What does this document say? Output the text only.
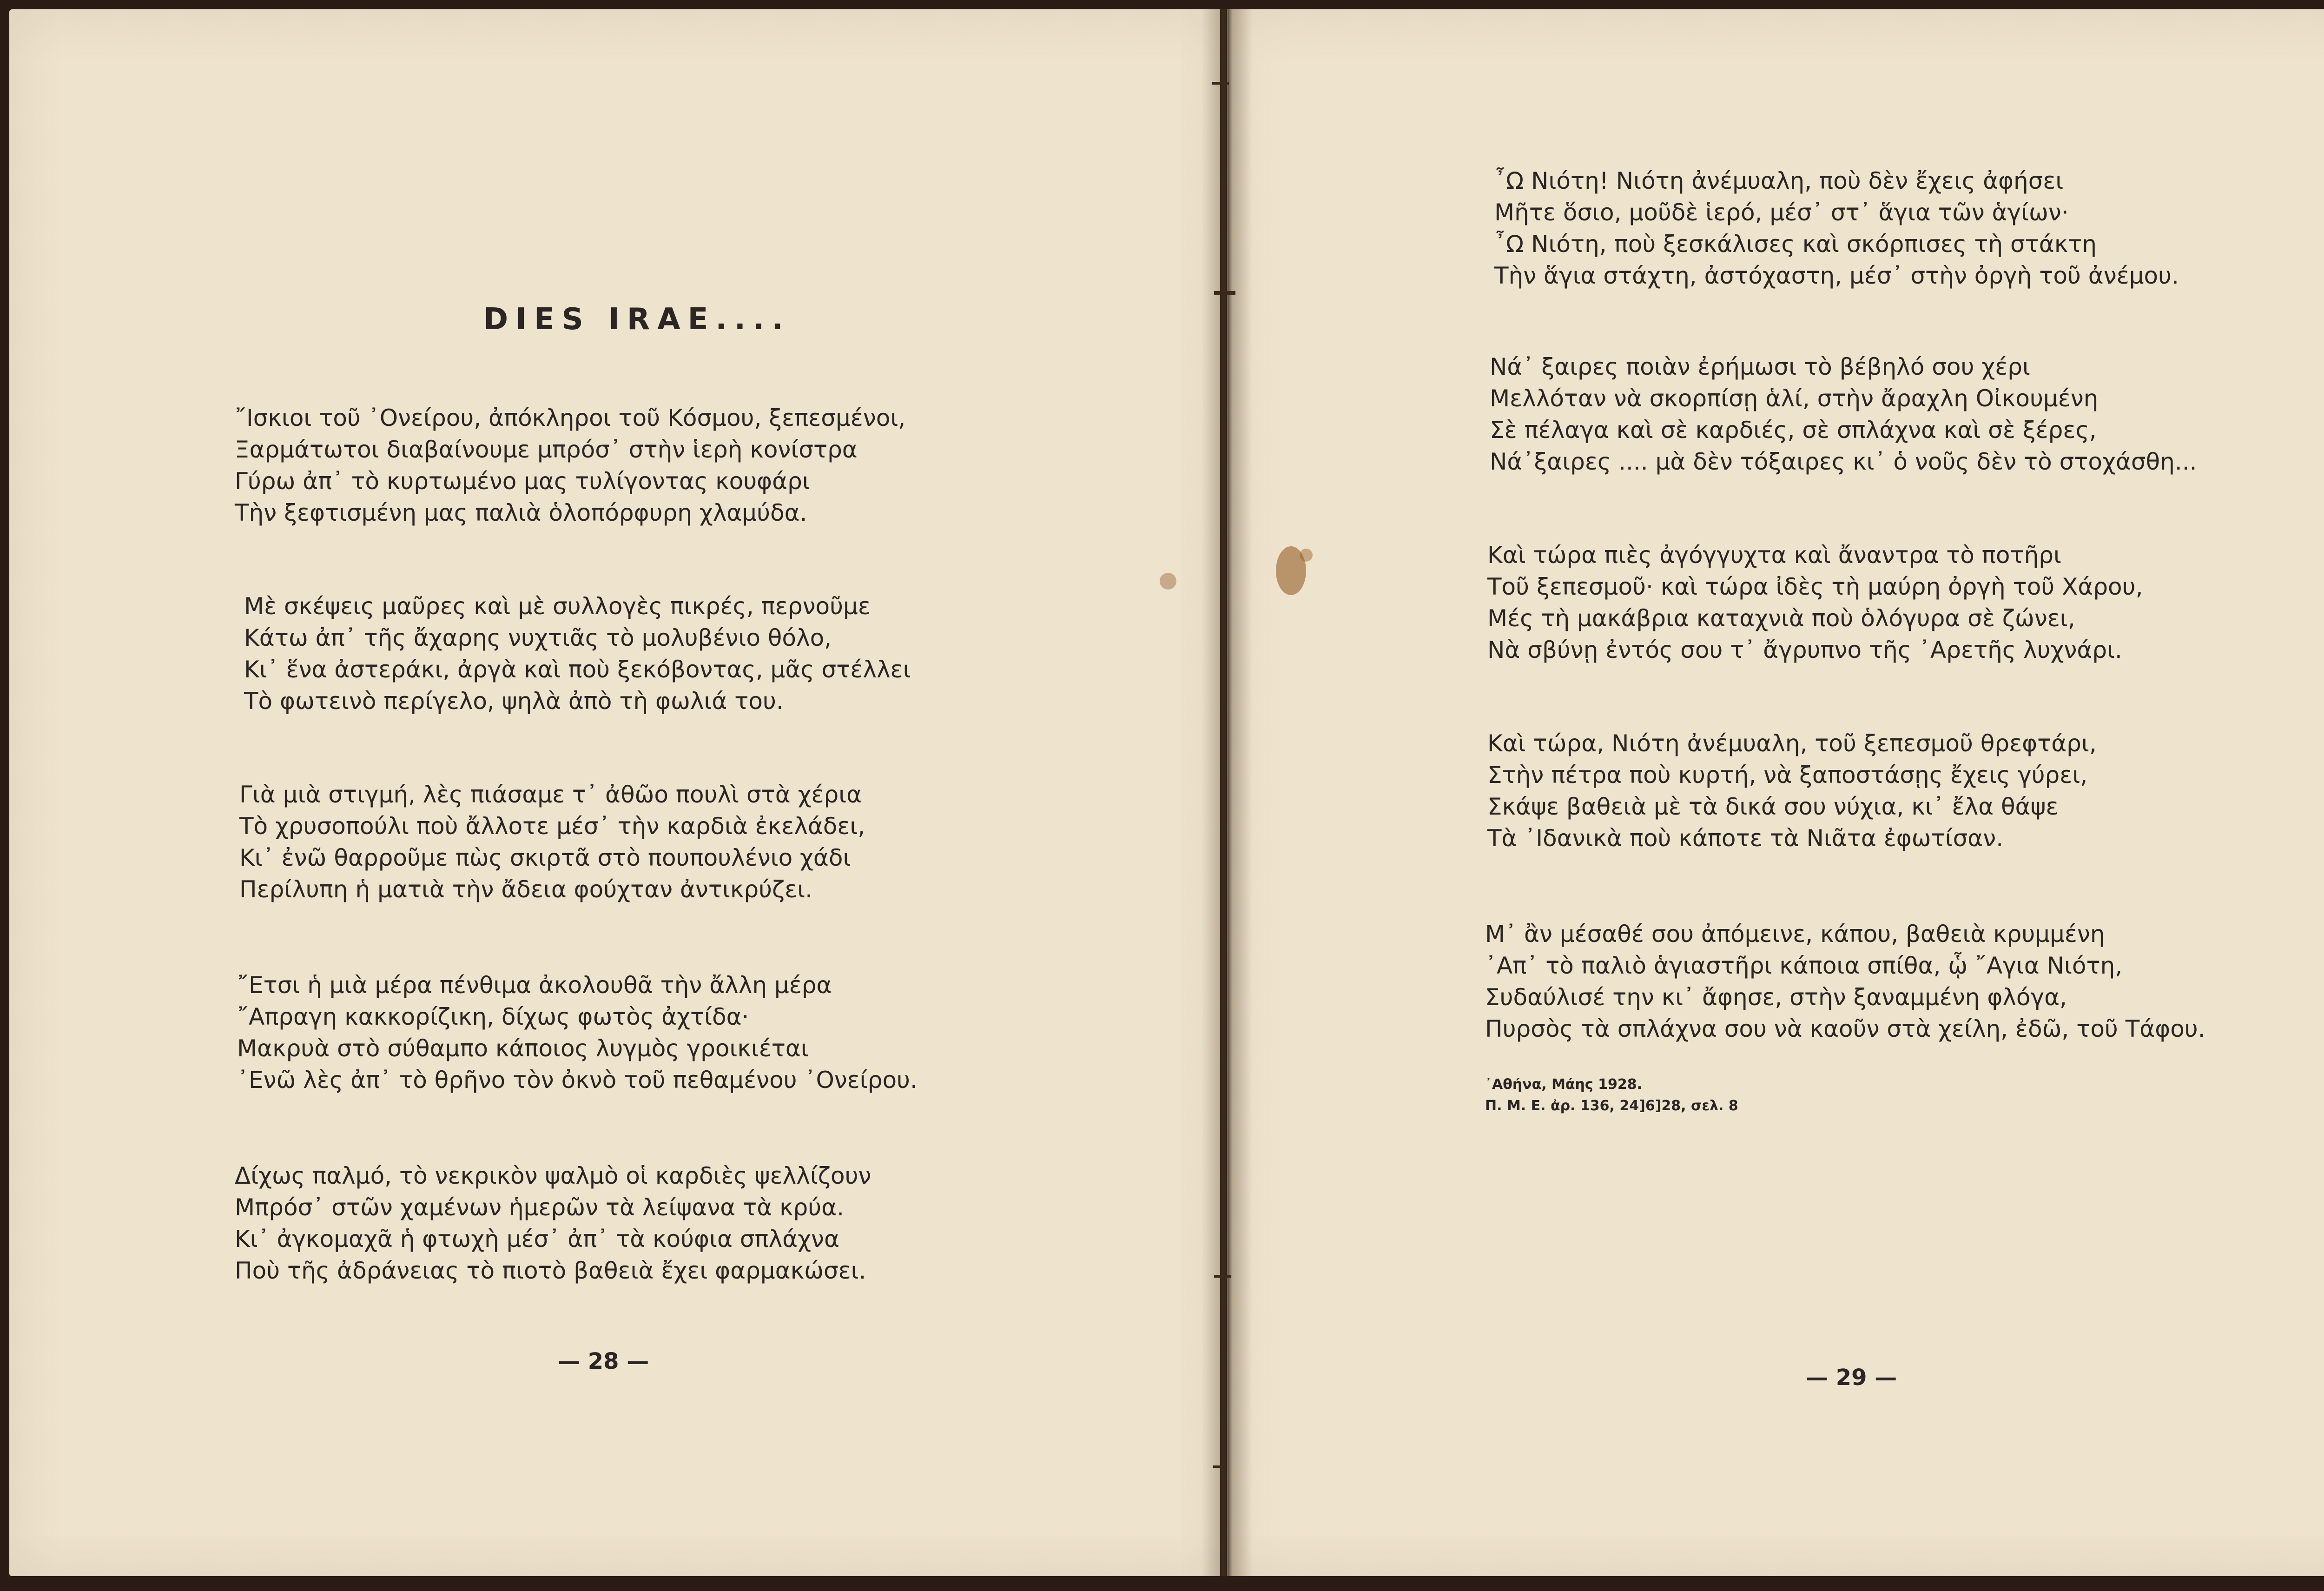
DIES IRAE....
῎Ισκιοι τοῦ ᾽Ονείρου, ἀπόκληροι τοῦ Κόσμου, ξεπεσμένοι,
Ξαρμάτωτοι διαβαίνουμε μπρόσ᾽ στὴν ἱερὴ κονίστρα
Γύρω ἀπ᾽ τὸ κυρτωμένο μας τυλίγοντας κουφάρι
Τὴν ξεφτισμένη μας παλιὰ ὁλοπόρφυρη χλαμύδα.
Μὲ σκέψεις μαῦρες καὶ μὲ συλλογὲς πικρές, περνοῦμε
Κάτω ἀπ᾽ τῆς ἄχαρης νυχτιᾶς τὸ μολυβένιο θόλο,
Κι᾽ ἕνα ἀστεράκι, ἀργὰ καὶ ποὺ ξεκόβοντας, μᾶς στέλλει
Τὸ φωτεινὸ περίγελο, ψηλὰ ἀπὸ τὴ φωλιά του.
Γιὰ μιὰ στιγμή, λὲς πιάσαμε τ᾽ ἀθῶο πουλὶ στὰ χέρια
Τὸ χρυσοπούλι ποὺ ἄλλοτε μέσ᾽ τὴν καρδιὰ ἐκελάδει,
Κι᾽ ἐνῶ θαρροῦμε πὼς σκιρτᾶ στὸ πουπουλένιο χάδι
Περίλυπη ἡ ματιὰ τὴν ἄδεια φούχταν ἀντικρύζει.
῎Ετσι ἡ μιὰ μέρα πένθιμα ἀκολουθᾶ τὴν ἄλλη μέρα
῎Απραγη κακκορίζικη, δίχως φωτὸς ἀχτίδα·
Μακρυὰ στὸ σύθαμπο κάποιος λυγμὸς γροικιέται
᾽Ενῶ λὲς ἀπ᾽ τὸ θρῆνο τὸν ὀκνὸ τοῦ πεθαμένου ᾽Ονείρου.
Δίχως παλμό, τὸ νεκρικὸν ψαλμὸ οἱ καρδιὲς ψελλίζουν
Μπρόσ᾽ στῶν χαμένων ἡμερῶν τὰ λείψανα τὰ κρύα.
Κι᾽ ἀγκομαχᾶ ἡ φτωχὴ μέσ᾽ ἀπ᾽ τὰ κούφια σπλάχνα
Ποὺ τῆς ἀδράνειας τὸ πιοτὸ βαθειὰ ἔχει φαρμακώσει.
— 28 —
῏Ω Νιότη! Νιότη ἀνέμυαλη, ποὺ δὲν ἔχεις ἀφήσει
Μῆτε ὅσιο, μοῦδὲ ἱερό, μέσ᾽ στ᾽ ἅγια τῶν ἁγίων·
῏Ω Νιότη, ποὺ ξεσκάλισες καὶ σκόρπισες τὴ στάκτη
Τὴν ἅγια στάχτη, ἀστόχαστη, μέσ᾽ στὴν ὀργὴ τοῦ ἀνέμου.
Νά᾽ ξαιρες ποιὰν ἐρήμωσι τὸ βέβηλό σου χέρι
Μελλόταν νὰ σκορπίσῃ ἁλί, στὴν ἄραχλη Οἰκουμένη
Σὲ πέλαγα καὶ σὲ καρδιές, σὲ σπλάχνα καὶ σὲ ξέρες,
Νά᾽ξαιρες .... μὰ δὲν τόξαιρες κι᾽ ὁ νοῦς δὲν τὸ στοχάσθη...
Καὶ τώρα πιὲς ἀγόγγυχτα καὶ ἄναντρα τὸ ποτῆρι
Τοῦ ξεπεσμοῦ· καὶ τώρα ἰδὲς τὴ μαύρη ὀργὴ τοῦ Χάρου,
Μές τὴ μακάβρια καταχνιὰ ποὺ ὁλόγυρα σὲ ζώνει,
Νὰ σβύνῃ ἐντός σου τ᾽ ἄγρυπνο τῆς ᾽Αρετῆς λυχνάρι.
Καὶ τώρα, Νιότη ἀνέμυαλη, τοῦ ξεπεσμοῦ θρεφτάρι,
Στὴν πέτρα ποὺ κυρτή, νὰ ξαποστάσῃς ἔχεις γύρει,
Σκάψε βαθειὰ μὲ τὰ δικά σου νύχια, κι᾽ ἔλα θάψε
Τὰ ᾽Ιδανικὰ ποὺ κάποτε τὰ Νιᾶτα ἐφωτίσαν.
Μ᾽ ἂν μέσαθέ σου ἀπόμεινε, κάπου, βαθειὰ κρυμμένη
᾽Απ᾽ τὸ παλιὸ ἁγιαστῆρι κάποια σπίθα, ᾧ ῎Αγια Νιότη,
Συδαύλισέ την κι᾽ ἄφησε, στὴν ξαναμμένη φλόγα,
Πυρσὸς τὰ σπλάχνα σου νὰ καοῦν στὰ χείλη, ἐδῶ, τοῦ Τάφου.
᾽Αθήνα, Μάης 1928.
Π. Μ. Ε. ἀρ. 136, 24]6]28, σελ. 8
— 29 —
